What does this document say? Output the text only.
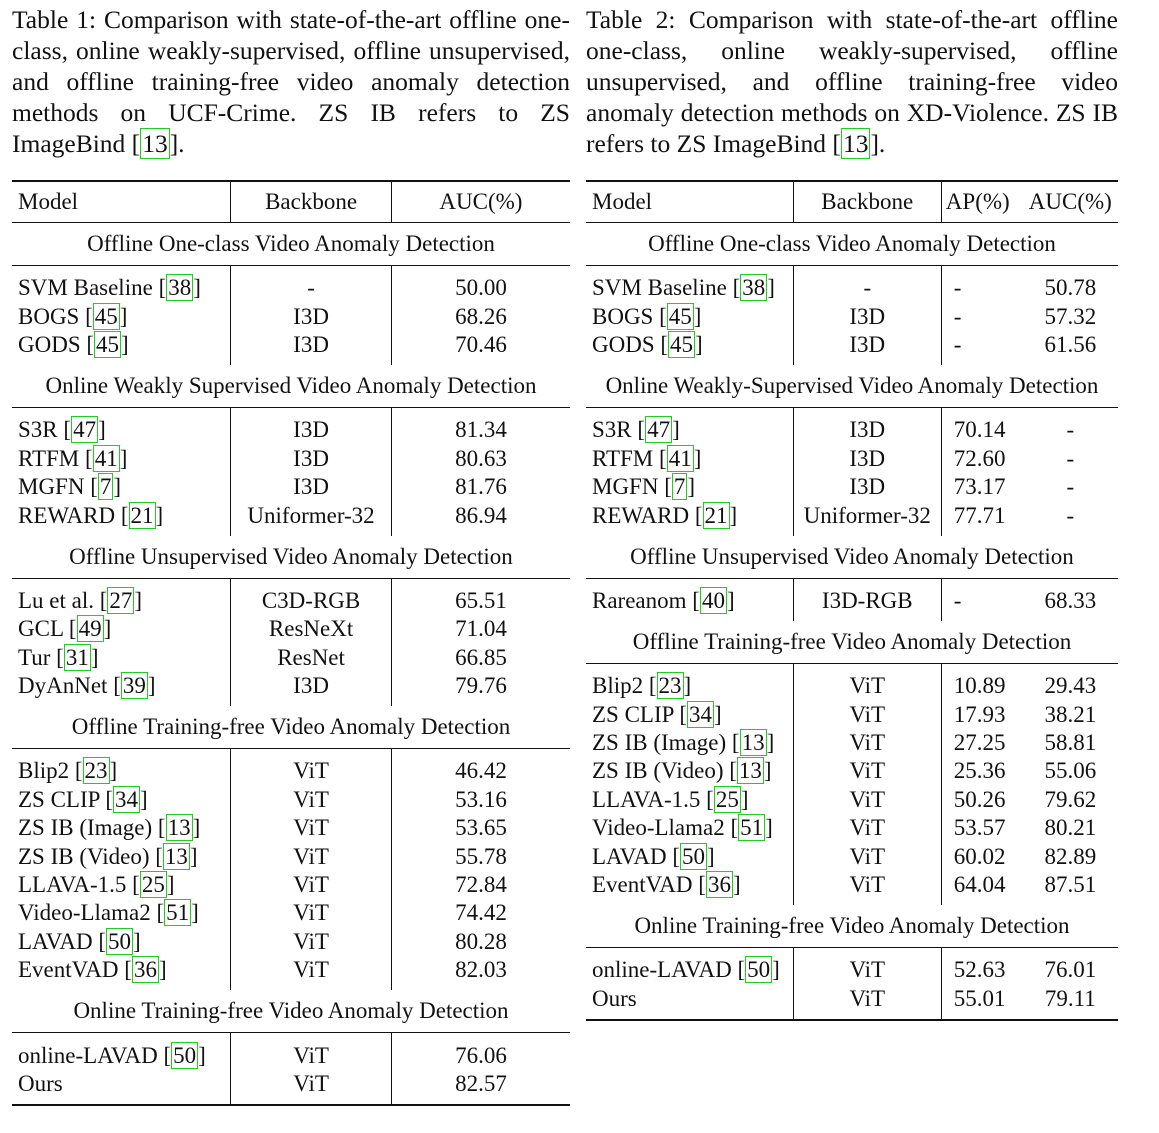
Table 1: Comparison with state-of-the-art offline one-class, online weakly-supervised, offline unsupervised, and offline training-free video anomaly detection methods on UCF-Crime. ZS IB refers to ZS ImageBind [13].

Model	Backbone	AUC(%)
Offline One-class Video Anomaly Detection		
SVM Baseline [38]	-	50.00
BOGS [45]	I3D	68.26
GODS [45]	I3D	70.46
Online Weakly Supervised Video Anomaly Detection		
S3R [47]	I3D	81.34
RTFM [41]	I3D	80.63
MGFN [7]	I3D	81.76
REWARD [21]	Uniformer-32	86.94
Offline Unsupervised Video Anomaly Detection		
Lu et al. [27]	C3D-RGB	65.51
GCL [49]	ResNeXt	71.04
Tur [31]	ResNet	66.85
DyAnNet [39]	I3D	79.76
Offline Training-free Video Anomaly Detection		
Blip2 [23]	ViT	46.42
ZS CLIP [34]	ViT	53.16
ZS IB (Image) [13]	ViT	53.65
ZS IB (Video) [13]	ViT	55.78
LLAVA-1.5 [25]	ViT	72.84
Video-Llama2 [51]	ViT	74.42
LAVAD [50]	ViT	80.28
EventVAD [36]	ViT	82.03
Online Training-free Video Anomaly Detection		
online-LAVAD [50]	ViT	76.06
Ours	ViT	82.57

Table 2: Comparison with state-of-the-art offline one-class, online weakly-supervised, offline unsupervised, and offline training-free video anomaly detection methods on XD-Violence. ZS IB refers to ZS ImageBind [13].

Model	Backbone	AP(%)	AUC(%)
Offline One-class Video Anomaly Detection			
SVM Baseline [38]	-	-	50.78
BOGS [45]	I3D	-	57.32
GODS [45]	I3D	-	61.56
Online Weakly-Supervised Video Anomaly Detection			
S3R [47]	I3D	70.14	-
RTFM [41]	I3D	72.60	-
MGFN [7]	I3D	73.17	-
REWARD [21]	Uniformer-32	77.71	-
Offline Unsupervised Video Anomaly Detection			
Rareanom [40]	I3D-RGB	-	68.33
Offline Training-free Video Anomaly Detection			
Blip2 [23]	ViT	10.89	29.43
ZS CLIP [34]	ViT	17.93	38.21
ZS IB (Image) [13]	ViT	27.25	58.81
ZS IB (Video) [13]	ViT	25.36	55.06
LLAVA-1.5 [25]	ViT	50.26	79.62
Video-Llama2 [51]	ViT	53.57	80.21
LAVAD [50]	ViT	60.02	82.89
EventVAD [36]	ViT	64.04	87.51
Online Training-free Video Anomaly Detection			
online-LAVAD [50]	ViT	52.63	76.01
Ours	ViT	55.01	79.11
